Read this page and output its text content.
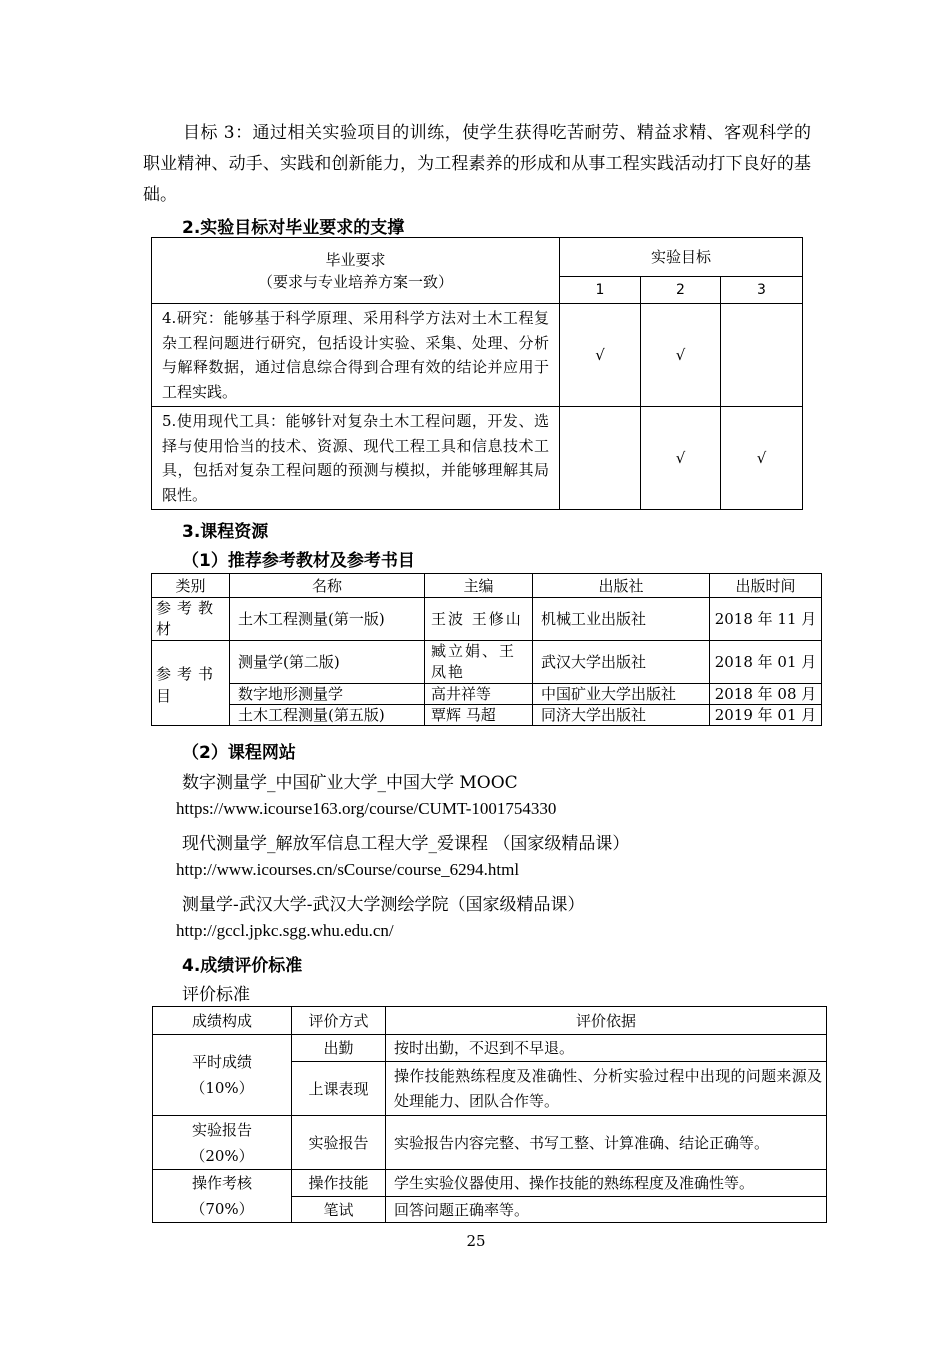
目标 3：通过相关实验项目的训练，使学生获得吃苦耐劳、精益求精、客观科学的职业精神、动手、实践和创新能力，为工程素养的形成和从事工程实践活动打下良好的基础。
2.实验目标对毕业要求的支撑
毕业要求
（要求与专业培养方案一致）	实验目标		
	1	2	3
4.研究：能够基于科学原理、采用科学方法对土木工程复杂工程问题进行研究，包括设计实验、采集、处理、分析与解释数据，通过信息综合得到合理有效的结论并应用于工程实践。	√	√	
5.使用现代工具：能够针对复杂土木工程问题，开发、选择与使用恰当的技术、资源、现代工程工具和信息技术工具，包括对复杂工程问题的预测与模拟，并能够理解其局限性。		√	√
3.课程资源
（1）推荐参考教材及参考书目
类别	名称	主编	出版社	出版时间
参考教材	土木工程测量(第一版)	王波 王修山	机械工业出版社	2018 年 11 月
参考书目	测量学(第二版)	臧立娟、王凤艳	武汉大学出版社	2018 年 01 月
	数字地形测量学	高井祥等	中国矿业大学出版社	2018 年 08 月
	土木工程测量(第五版)	覃辉 马超	同济大学出版社	2019 年 01 月
（2）课程网站
数字测量学_中国矿业大学_中国大学 MOOC
https://www.icourse163.org/course/CUMT-1001754330
现代测量学_解放军信息工程大学_爱课程 （国家级精品课）
http://www.icourses.cn/sCourse/course_6294.html
测量学-武汉大学-武汉大学测绘学院（国家级精品课）
http://gccl.jpkc.sgg.whu.edu.cn/
4.成绩评价标准
评价标准
成绩构成	评价方式	评价依据

平时成绩
（10%）	出勤	按时出勤，不迟到不早退。
	上课表现	操作技能熟练程度及准确性、分析实验过程中出现的问题来源及处理能力、团队合作等。

实验报告
（20%）	实验报告	实验报告内容完整、书写工整、计算准确、结论正确等。

操作考核
（70%）	操作技能	学生实验仪器使用、操作技能的熟练程度及准确性等。
	笔试	回答问题正确率等。
25
